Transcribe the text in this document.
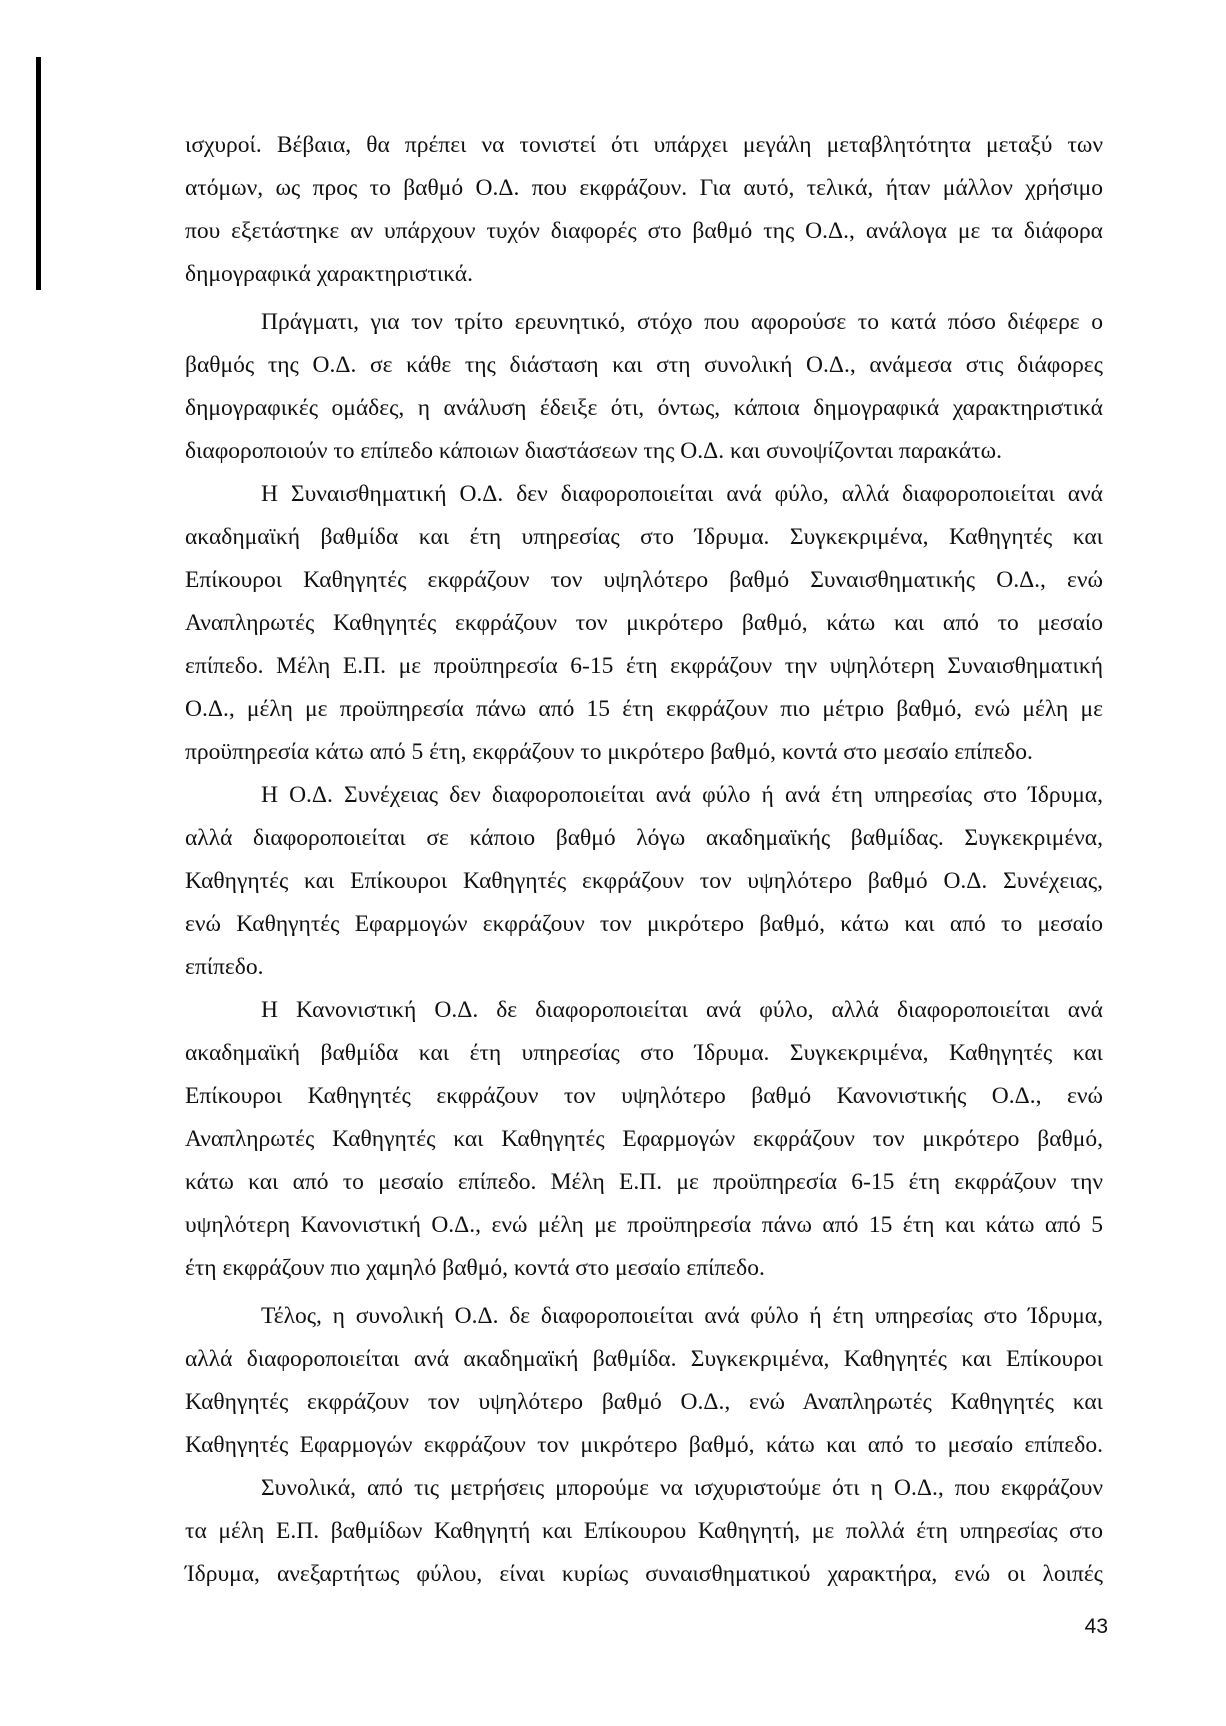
ισχυροί. Βέβαια, θα πρέπει να τονιστεί ότι υπάρχει μεγάλη μεταβλητότητα μεταξύ των
ατόμων, ως προς το βαθμό Ο.Δ. που εκφράζουν. Για αυτό, τελικά, ήταν μάλλον χρήσιμο
που εξετάστηκε αν υπάρχουν τυχόν διαφορές στο βαθμό της Ο.Δ., ανάλογα με τα διάφορα
δημογραφικά χαρακτηριστικά.

Πράγματι, για τον τρίτο ερευνητικό, στόχο που αφορούσε το κατά πόσο διέφερε ο
βαθμός της Ο.Δ. σε κάθε της διάσταση και στη συνολική Ο.Δ., ανάμεσα στις διάφορες
δημογραφικές ομάδες, η ανάλυση έδειξε ότι, όντως, κάποια δημογραφικά χαρακτηριστικά
διαφοροποιούν το επίπεδο κάποιων διαστάσεων της Ο.Δ. και συνοψίζονται παρακάτω.

Η Συναισθηματική Ο.Δ. δεν διαφοροποιείται ανά φύλο, αλλά διαφοροποιείται ανά
ακαδημαϊκή βαθμίδα και έτη υπηρεσίας στο Ίδρυμα. Συγκεκριμένα, Καθηγητές και
Επίκουροι Καθηγητές εκφράζουν τον υψηλότερο βαθμό Συναισθηματικής Ο.Δ., ενώ
Αναπληρωτές Καθηγητές εκφράζουν τον μικρότερο βαθμό, κάτω και από το μεσαίο
επίπεδο. Μέλη Ε.Π. με προϋπηρεσία 6-15 έτη εκφράζουν την υψηλότερη Συναισθηματική
Ο.Δ., μέλη με προϋπηρεσία πάνω από 15 έτη εκφράζουν πιο μέτριο βαθμό, ενώ μέλη με
προϋπηρεσία κάτω από 5 έτη, εκφράζουν το μικρότερο βαθμό, κοντά στο μεσαίο επίπεδο.

Η Ο.Δ. Συνέχειας δεν διαφοροποιείται ανά φύλο ή ανά έτη υπηρεσίας στο Ίδρυμα,
αλλά διαφοροποιείται σε κάποιο βαθμό λόγω ακαδημαϊκής βαθμίδας. Συγκεκριμένα,
Καθηγητές και Επίκουροι Καθηγητές εκφράζουν τον υψηλότερο βαθμό Ο.Δ. Συνέχειας,
ενώ Καθηγητές Εφαρμογών εκφράζουν τον μικρότερο βαθμό, κάτω και από το μεσαίο
επίπεδο.

Η Κανονιστική Ο.Δ. δε διαφοροποιείται ανά φύλο, αλλά διαφοροποιείται ανά
ακαδημαϊκή βαθμίδα και έτη υπηρεσίας στο Ίδρυμα. Συγκεκριμένα, Καθηγητές και
Επίκουροι Καθηγητές εκφράζουν τον υψηλότερο βαθμό Κανονιστικής Ο.Δ., ενώ
Αναπληρωτές Καθηγητές και Καθηγητές Εφαρμογών εκφράζουν τον μικρότερο βαθμό,
κάτω και από το μεσαίο επίπεδο. Μέλη Ε.Π. με προϋπηρεσία 6-15 έτη εκφράζουν την
υψηλότερη Κανονιστική Ο.Δ., ενώ μέλη με προϋπηρεσία πάνω από 15 έτη και κάτω από 5
έτη εκφράζουν πιο χαμηλό βαθμό, κοντά στο μεσαίο επίπεδο.

Τέλος, η συνολική Ο.Δ. δε διαφοροποιείται ανά φύλο ή έτη υπηρεσίας στο Ίδρυμα,
αλλά διαφοροποιείται ανά ακαδημαϊκή βαθμίδα. Συγκεκριμένα, Καθηγητές και Επίκουροι
Καθηγητές εκφράζουν τον υψηλότερο βαθμό Ο.Δ., ενώ Αναπληρωτές Καθηγητές και
Καθηγητές Εφαρμογών εκφράζουν τον μικρότερο βαθμό, κάτω και από το μεσαίο επίπεδο.

Συνολικά, από τις μετρήσεις μπορούμε να ισχυριστούμε ότι η Ο.Δ., που εκφράζουν
τα μέλη Ε.Π. βαθμίδων Καθηγητή και Επίκουρου Καθηγητή, με πολλά έτη υπηρεσίας στο
Ίδρυμα, ανεξαρτήτως φύλου, είναι κυρίως συναισθηματικού χαρακτήρα, ενώ οι λοιπές

43
